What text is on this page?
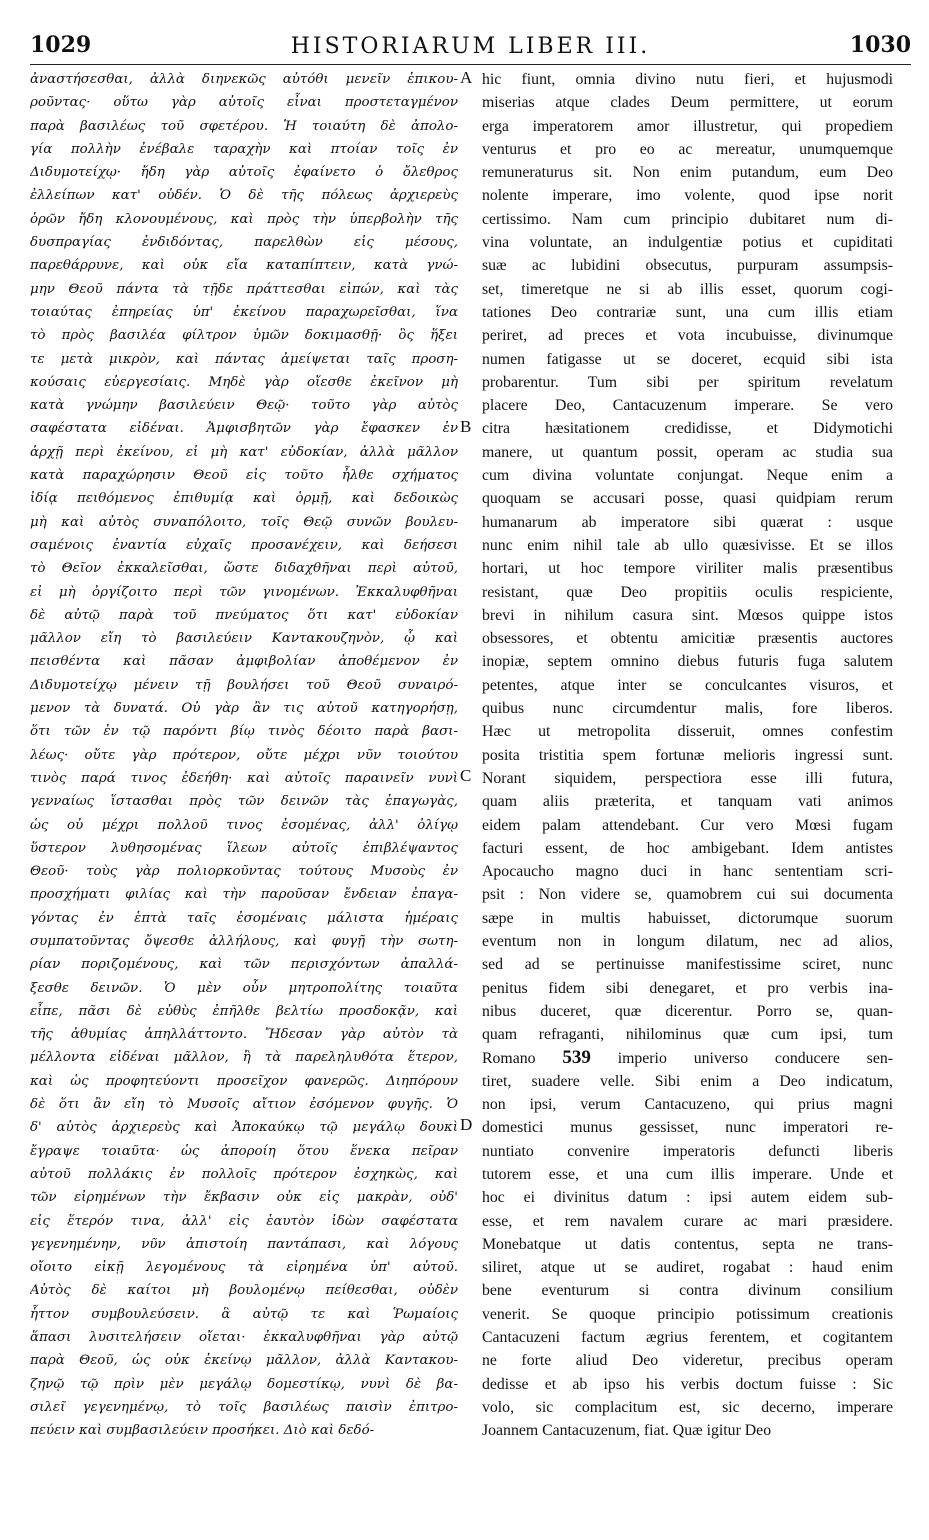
1029	HISTORIARUM LIBER III.	1030
ἀναστήσεσθαι, ἀλλὰ διηνεκῶς αὐτόθι μενεῖν ἐπικου-
ροῦντας· οὕτω γὰρ αὐτοῖς εἶναι προστεταγμένον
παρὰ βασιλέως τοῦ σφετέρου. Ἡ τοιαύτη δὲ ἀπολο-
γία πολλὴν ἐνέβαλε ταραχὴν καὶ πτοίαν τοῖς ἐν
Διδυμοτείχῳ· ἤδη γὰρ αὐτοῖς ἐφαίνετο ὁ ὄλεθρος
ἐλλείπων κατ' οὐδέν. Ὁ δὲ τῆς πόλεως ἀρχιερεὺς
ὁρῶν ἤδη κλονουμένους, καὶ πρὸς τὴν ὑπερβολὴν τῆς
δυσπραγίας ἐνδιδόντας, παρελθὼν εἰς μέσους,
παρεθάρρυνε, καὶ οὐκ εἴα καταπίπτειν, κατὰ γνώ-
μην Θεοῦ πάντα τὰ τῇδε πράττεσθαι εἰπών, καὶ τὰς
τοιαύτας ἐπηρείας ὑπ' ἐκείνου παραχωρεῖσθαι, ἵνα
τὸ πρὸς βασιλέα φίλτρον ὑμῶν δοκιμασθῇ· ὃς ἥξει
τε μετὰ μικρὸν, καὶ πάντας ἀμείψεται ταῖς προση-
κούσαις εὐεργεσίαις. Μηδὲ γὰρ οἴεσθε ἐκεῖνον μὴ
κατὰ γνώμην βασιλεύειν Θεῷ· τοῦτο γὰρ αὐτὸς
σαφέστατα εἰδέναι. Ἀμφισβητῶν γὰρ ἔφασκεν ἐν
ἀρχῇ περὶ ἐκείνου, εἰ μὴ κατ' εὐδοκίαν, ἀλλὰ μᾶλλον
κατὰ παραχώρησιν Θεοῦ εἰς τοῦτο ἦλθε σχήματος
ἰδίᾳ πειθόμενος ἐπιθυμίᾳ καὶ ὁρμῇ, καὶ δεδοικὼς
μὴ καὶ αὐτὸς συναπόλοιτο, τοῖς Θεῷ συνῶν βουλευ-
σαμένοις ἐναντία εὐχαῖς προσανέχειν, καὶ δεήσεσι
τὸ Θεῖον ἐκκαλεῖσθαι, ὥστε διδαχθῆναι περὶ αὐτοῦ,
εἰ μὴ ὀργίζοιτο περὶ τῶν γινομένων. Ἐκκαλυφθῆναι
δὲ αὐτῷ παρὰ τοῦ πνεύματος ὅτι κατ' εὐδοκίαν
μᾶλλον εἴη τὸ βασιλεύειν Καντακουζηνὸν, ᾧ καὶ
πεισθέντα καὶ πᾶσαν ἀμφιβολίαν ἀποθέμενον ἐν
Διδυμοτείχῳ μένειν τῇ βουλήσει τοῦ Θεοῦ συναιρό-
μενον τὰ δυνατά. Οὐ γὰρ ἂν τις αὐτοῦ κατηγορήσῃ,
ὅτι τῶν ἐν τῷ παρόντι βίῳ τινὸς δέοιτο παρὰ βασι-
λέως· οὔτε γὰρ πρότερον, οὔτε μέχρι νῦν τοιούτου
τινὸς παρά τινος ἐδεήθη· καὶ αὐτοῖς παραινεῖν νυνὶ
γενναίως ἵστασθαι πρὸς τῶν δεινῶν τὰς ἐπαγωγὰς,
ὡς οὐ μέχρι πολλοῦ τινος ἐσομένας, ἀλλ' ὀλίγῳ
ὕστερον λυθησομένας ἵλεων αὐτοῖς ἐπιβλέψαντος
Θεοῦ· τοὺς γὰρ πολιορκοῦντας τούτους Μυσοὺς ἐν
προσχήματι φιλίας καὶ τὴν παροῦσαν ἔνδειαν ἐπαγα-
γόντας ἐν ἑπτὰ ταῖς ἐσομέναις μάλιστα ἡμέραις
συμπατοῦντας ὄψεσθε ἀλλήλους, καὶ φυγῇ τὴν σωτη-
ρίαν ποριζομένους, καὶ τῶν περισχόντων ἀπαλλά-
ξεσθε δεινῶν. Ὁ μὲν οὖν μητροπολίτης τοιαῦτα
εἶπε, πᾶσι δὲ εὐθὺς ἐπῆλθε βελτίω προσδοκᾷν, καὶ
τῆς ἀθυμίας ἀπηλλάττοντο. Ἤδεσαν γὰρ αὐτὸν τὰ
μέλλοντα εἰδέναι μᾶλλον, ἢ τὰ παρεληλυθότα ἕτερον,
καὶ ὡς προφητεύοντι προσεῖχον φανερῶς. Διηπόρουν
δὲ ὅτι ἂν εἴη τὸ Μυσοῖς αἴτιον ἐσόμενον φυγῆς. Ὁ
δ' αὐτὸς ἀρχιερεὺς καὶ Ἀποκαύκῳ τῷ μεγάλῳ δουκὶ
ἔγραψε τοιαῦτα· ὡς ἀποροίη ὅτου ἕνεκα πεῖραν
αὐτοῦ πολλάκις ἐν πολλοῖς πρότερον ἐσχηκὼς, καὶ
τῶν εἰρημένων τὴν ἔκβασιν οὐκ εἰς μακρὰν, οὐδ'
εἰς ἕτερόν τινα, ἀλλ' εἰς ἑαυτὸν ἰδὼν σαφέστατα
γεγενημένην, νῦν ἀπιστοίη παντάπασι, καὶ λόγους
οἴοιτο εἰκῇ λεγομένους τὰ εἰρημένα ὑπ' αὐτοῦ.
Αὐτὸς δὲ καίτοι μὴ βουλομένῳ πείθεσθαι, οὐδὲν
ἧττον συμβουλεύσειν. ἃ αὐτῷ τε καὶ Ῥωμαίοις
ἅπασι λυσιτελήσειν οἴεται· ἐκκαλυφθῆναι γὰρ αὐτῷ
παρὰ Θεοῦ, ὡς οὐκ ἐκείνῳ μᾶλλον, ἀλλὰ Καντακου-
ζηνῷ τῷ πρὶν μὲν μεγάλῳ δομεστίκῳ, νυνὶ δὲ βα-
σιλεῖ γεγενημένῳ, τὸ τοῖς βασιλέως παισὶν ἐπιτρο-
πεύειν καὶ συμβασιλεύειν προσήκει. Διὸ καὶ δεδό-
hic fiunt, omnia divino nutu fieri, et hujusmodi
miserias atque clades Deum permittere, ut eorum
erga imperatorem amor illustretur, qui propediem
venturus et pro eo ac mereatur, unumquemque
remuneraturus sit. Non enim putandum, eum Deo
nolente imperare, imo volente, quod ipse norit
certissimo. Nam cum principio dubitaret num di-
vina voluntate, an indulgentiæ potius et cupiditati
suæ ac lubidini obsecutus, purpuram assumpsis-
set, timeretque ne si ab illis esset, quorum cogi-
tationes Deo contrariæ sunt, una cum illis etiam
periret, ad preces et vota incubuisse, divinumque
numen fatigasse ut se doceret, ecquid sibi ista
probarentur. Tum sibi per spiritum revelatum
placere Deo, Cantacuzenum imperare. Se vero
citra hæsitationem credidisse, et Didymotichi
manere, ut quantum possit, operam ac studia sua
cum divina voluntate conjungat. Neque enim a
quoquam se accusari posse, quasi quidpiam rerum
humanarum ab imperatore sibi quærat : usque
nunc enim nihil tale ab ullo quæsivisse. Et se illos
hortari, ut hoc tempore viriliter malis præsentibus
resistant, quæ Deo propitiis oculis respiciente,
brevi in nihilum casura sint. Mœsos quippe istos
obsessores, et obtentu amicitiæ præsentis auctores
inopiæ, septem omnino diebus futuris fuga salutem
petentes, atque inter se conculcantes visuros, et
quibus nunc circumdentur malis, fore liberos.
Hæc ut metropolita disseruit, omnes confestim
posita tristitia spem fortunæ melioris ingressi sunt.
Norant siquidem, perspectiora esse illi futura,
quam aliis præterita, et tanquam vati animos
eidem palam attendebant. Cur vero Mœsi fugam
facturi essent, de hoc ambigebant. Idem antistes
Apocaucho magno duci in hanc sententiam scri-
psit : Non videre se, quamobrem cui sui documenta
sæpe in multis habuisset, dictorumque suorum
eventum non in longum dilatum, nec ad alios,
sed ad se pertinuisse manifestissime sciret, nunc
penitus fidem sibi denegaret, et pro verbis ina-
nibus duceret, quæ dicerentur. Porro se, quan-
quam refraganti, nihilominus quæ cum ipsi, tum
Romano 539 imperio universo conducere sen-
tiret, suadere velle. Sibi enim a Deo indicatum,
non ipsi, verum Cantacuzeno, qui prius magni
domestici munus gessisset, nunc imperatori re-
nuntiato convenire imperatoris defuncti liberis
tutorem esse, et una cum illis imperare. Unde et
hoc ei divinitus datum : ipsi autem eidem sub-
esse, et rem navalem curare ac mari præsidere.
Monebatque ut datis contentus, septa ne trans-
siliret, atque ut se audiret, rogabat : haud enim
bene eventurum si contra divinum consilium
venerit. Se quoque principio potissimum creationis
Cantacuzeni factum ægrius ferentem, et cogitantem
ne forte aliud Deo videretur, precibus operam
dedisse et ab ipso his verbis doctum fuisse : Sic
volo, sic complacitum est, sic decerno, imperare
Joannem Cantacuzenum, fiat. Quæ igitur Deo
A
B
C
D
